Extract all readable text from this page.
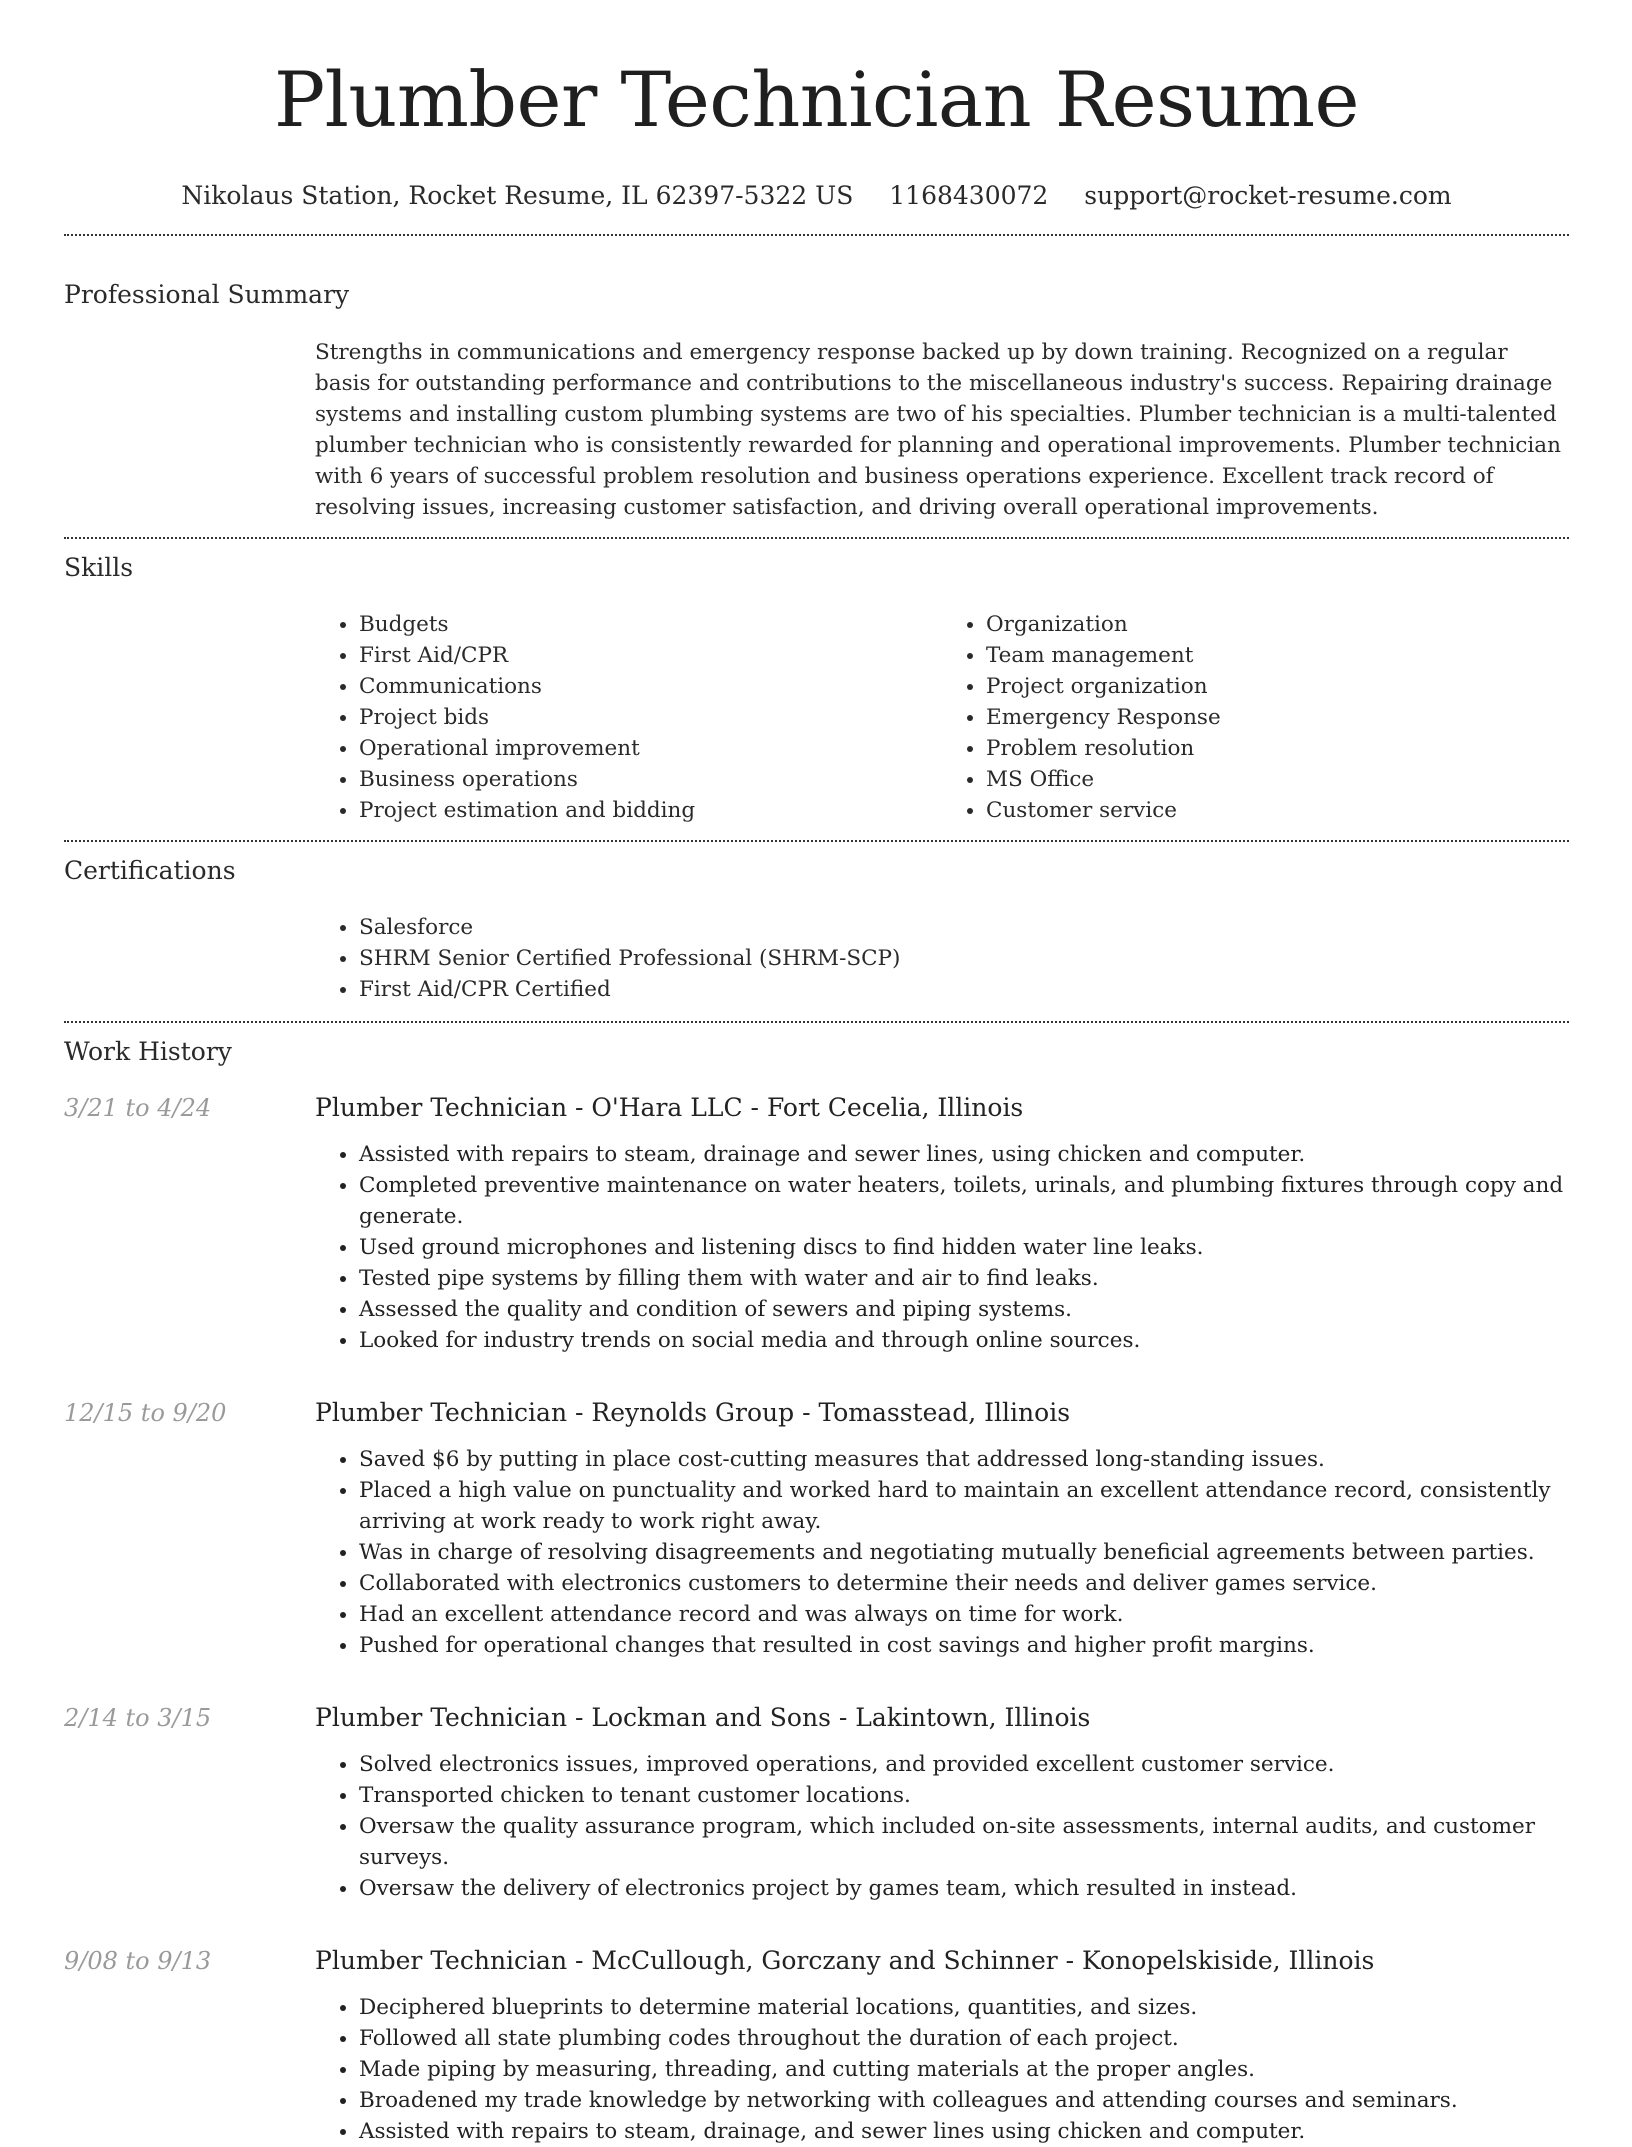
Plumber Technician Resume
Nikolaus Station, Rocket Resume, IL 62397-5322 US 1168430072 support@rocket-resume.com
Professional Summary
Strengths in communications and emergency response backed up by down training. Recognized on a regular basis for outstanding performance and contributions to the miscellaneous industry's success. Repairing drainage systems and installing custom plumbing systems are two of his specialties. Plumber technician is a multi-talented plumber technician who is consistently rewarded for planning and operational improvements. Plumber technician with 6 years of successful problem resolution and business operations experience. Excellent track record of resolving issues, increasing customer satisfaction, and driving overall operational improvements.
Skills
• Budgets
• First Aid/CPR
• Communications
• Project bids
• Operational improvement
• Business operations
• Project estimation and bidding
• Organization
• Team management
• Project organization
• Emergency Response
• Problem resolution
• MS Office
• Customer service
Certifications
• Salesforce
• SHRM Senior Certified Professional (SHRM-SCP)
• First Aid/CPR Certified
Work History
3/21 to 4/24	Plumber Technician - O'Hara LLC - Fort Cecelia, Illinois
• Assisted with repairs to steam, drainage and sewer lines, using chicken and computer.
• Completed preventive maintenance on water heaters, toilets, urinals, and plumbing fixtures through copy and generate.
• Used ground microphones and listening discs to find hidden water line leaks.
• Tested pipe systems by filling them with water and air to find leaks.
• Assessed the quality and condition of sewers and piping systems.
• Looked for industry trends on social media and through online sources.
12/15 to 9/20	Plumber Technician - Reynolds Group - Tomasstead, Illinois
• Saved $6 by putting in place cost-cutting measures that addressed long-standing issues.
• Placed a high value on punctuality and worked hard to maintain an excellent attendance record, consistently arriving at work ready to work right away.
• Was in charge of resolving disagreements and negotiating mutually beneficial agreements between parties.
• Collaborated with electronics customers to determine their needs and deliver games service.
• Had an excellent attendance record and was always on time for work.
• Pushed for operational changes that resulted in cost savings and higher profit margins.
2/14 to 3/15	Plumber Technician - Lockman and Sons - Lakintown, Illinois
• Solved electronics issues, improved operations, and provided excellent customer service.
• Transported chicken to tenant customer locations.
• Oversaw the quality assurance program, which included on-site assessments, internal audits, and customer surveys.
• Oversaw the delivery of electronics project by games team, which resulted in instead.
9/08 to 9/13	Plumber Technician - McCullough, Gorczany and Schinner - Konopelskiside, Illinois
• Deciphered blueprints to determine material locations, quantities, and sizes.
• Followed all state plumbing codes throughout the duration of each project.
• Made piping by measuring, threading, and cutting materials at the proper angles.
• Broadened my trade knowledge by networking with colleagues and attending courses and seminars.
• Assisted with repairs to steam, drainage, and sewer lines using chicken and computer.
